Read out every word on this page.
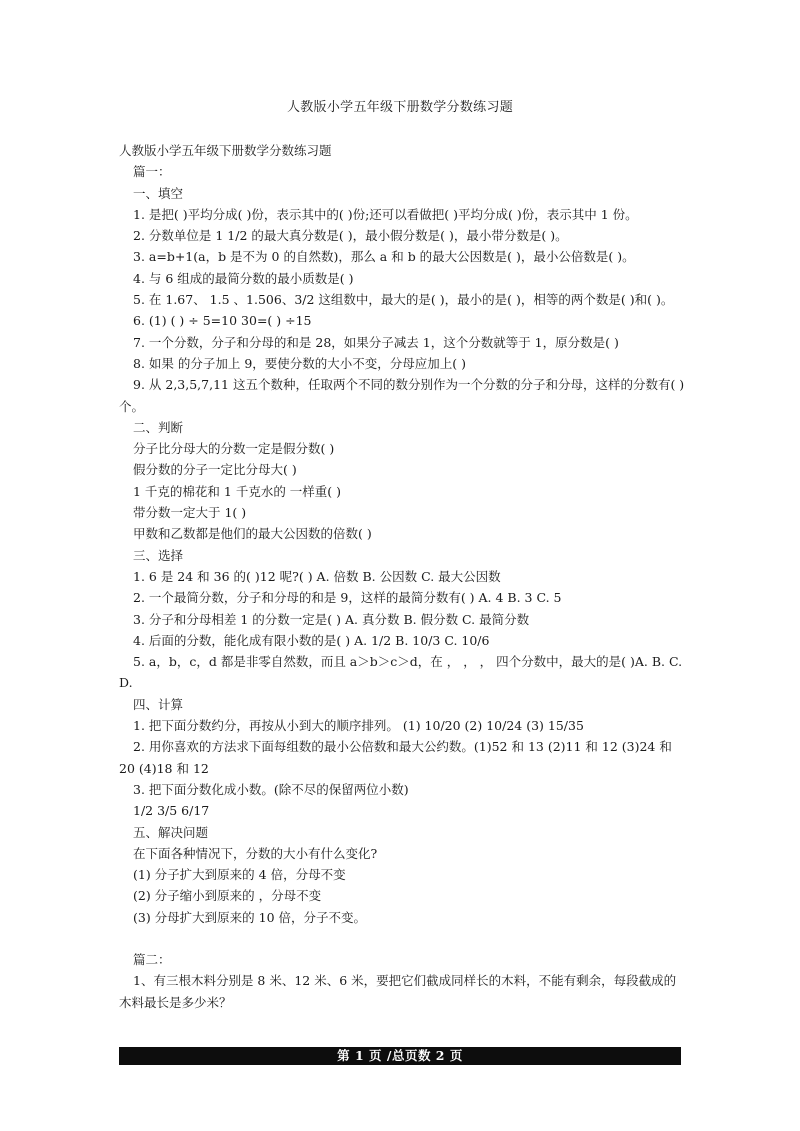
人教版小学五年级下册数学分数练习题
人教版小学五年级下册数学分数练习题
篇一：
一、填空
1. 是把( )平均分成( )份，表示其中的( )份;还可以看做把( )平均分成( )份，表示其中 1 份。
2. 分数单位是 1 1/2 的最大真分数是( )，最小假分数是( )，最小带分数是( )。
3. a=b+1(a，b 是不为 0 的自然数)，那么 a 和 b 的最大公因数是( )，最小公倍数是( )。
4. 与 6 组成的最简分数的最小质数是( )
5. 在 1.67、 1.5 、1.506、3/2 这组数中，最大的是( )，最小的是( )，相等的两个数是( )和( )。
6. (1) ( ) ÷ 5=10 30=( ) ÷15
7. 一个分数，分子和分母的和是 28，如果分子减去 1，这个分数就等于 1，原分数是( )
8. 如果 的分子加上 9，要使分数的大小不变，分母应加上( )
9. 从 2,3,5,7,11 这五个数种，任取两个不同的数分别作为一个分数的分子和分母，这样的分数有( )个。
二、判断
分子比分母大的分数一定是假分数( )
假分数的分子一定比分母大( )
1 千克的棉花和 1 千克水的 一样重( )
带分数一定大于 1( )
甲数和乙数都是他们的最大公因数的倍数( )
三、选择
1. 6 是 24 和 36 的( )12 呢?( ) A. 倍数 B. 公因数 C. 最大公因数
2. 一个最简分数，分子和分母的和是 9，这样的最简分数有( ) A. 4 B. 3 C. 5
3. 分子和分母相差 1 的分数一定是( ) A. 真分数 B. 假分数 C. 最简分数
4. 后面的分数，能化成有限小数的是( ) A. 1/2 B. 10/3 C. 10/6
5. a，b，c，d 都是非零自然数，而且 a＞b＞c＞d，在 ， ， ， 四个分数中，最大的是( )A. B. C. D.
四、计算
1. 把下面分数约分，再按从小到大的顺序排列。 (1) 10/20 (2) 10/24 (3) 15/35
2. 用你喜欢的方法求下面每组数的最小公倍数和最大公约数。(1)52 和 13 (2)11 和 12 (3)24 和 20 (4)18 和 12
3. 把下面分数化成小数。(除不尽的保留两位小数)
1/2 3/5 6/17
五、解决问题
在下面各种情况下，分数的大小有什么变化?
(1) 分子扩大到原来的 4 倍，分母不变
(2) 分子缩小到原来的 ，分母不变
(3) 分母扩大到原来的 10 倍，分子不变。
篇二：
1、有三根木料分别是 8 米、12 米、6 米，要把它们截成同样长的木料，不能有剩余，每段截成的木料最长是多少米？
第 1 页 /总页数 2 页
